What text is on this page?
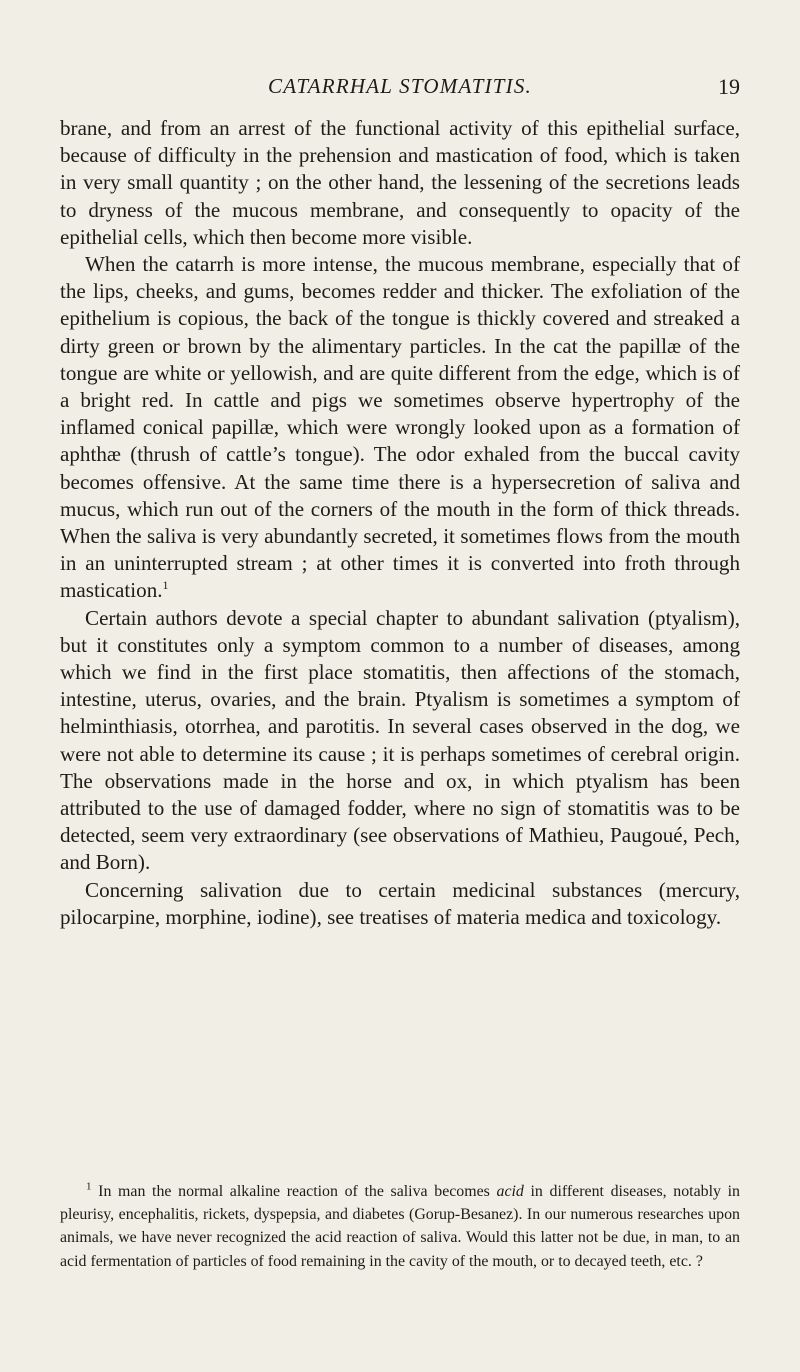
CATARRHAL STOMATITIS.	19

brane, and from an arrest of the functional activity of this epithelial surface, because of difficulty in the prehension and mastication of food, which is taken in very small quantity ; on the other hand, the lessening of the secretions leads to dryness of the mucous membrane, and consequently to opacity of the epithelial cells, which then become more visible.

When the catarrh is more intense, the mucous membrane, especially that of the lips, cheeks, and gums, becomes redder and thicker. The exfoliation of the epithelium is copious, the back of the tongue is thickly covered and streaked a dirty green or brown by the alimentary particles. In the cat the papillæ of the tongue are white or yellowish, and are quite different from the edge, which is of a bright red. In cattle and pigs we sometimes observe hypertrophy of the inflamed conical papillæ, which were wrongly looked upon as a formation of aphthæ (thrush of cattle’s tongue). The odor exhaled from the buccal cavity becomes offensive. At the same time there is a hypersecretion of saliva and mucus, which run out of the corners of the mouth in the form of thick threads. When the saliva is very abundantly secreted, it sometimes flows from the mouth in an uninterrupted stream ; at other times it is converted into froth through mastication.$^1$

Certain authors devote a special chapter to abundant salivation (ptyalism), but it constitutes only a symptom common to a number of diseases, among which we find in the first place stomatitis, then affections of the stomach, intestine, uterus, ovaries, and the brain. Ptyalism is sometimes a symptom of helminthiasis, otorrhea, and parotitis. In several cases observed in the dog, we were not able to determine its cause ; it is perhaps sometimes of cerebral origin. The observations made in the horse and ox, in which ptyalism has been attributed to the use of damaged fodder, where no sign of stomatitis was to be detected, seem very extraordinary (see observations of Mathieu, Paugoué, Pech, and Born).

Concerning salivation due to certain medicinal substances (mercury, pilocarpine, morphine, iodine), see treatises of materia medica and toxicology.

$^1$ In man the normal alkaline reaction of the saliva becomes acid in different diseases, notably in pleurisy, encephalitis, rickets, dyspepsia, and diabetes (Gorup-Besanez). In our numerous researches upon animals, we have never recognized the acid reaction of saliva. Would this latter not be due, in man, to an acid fermentation of particles of food remaining in the cavity of the mouth, or to decayed teeth, etc. ?
